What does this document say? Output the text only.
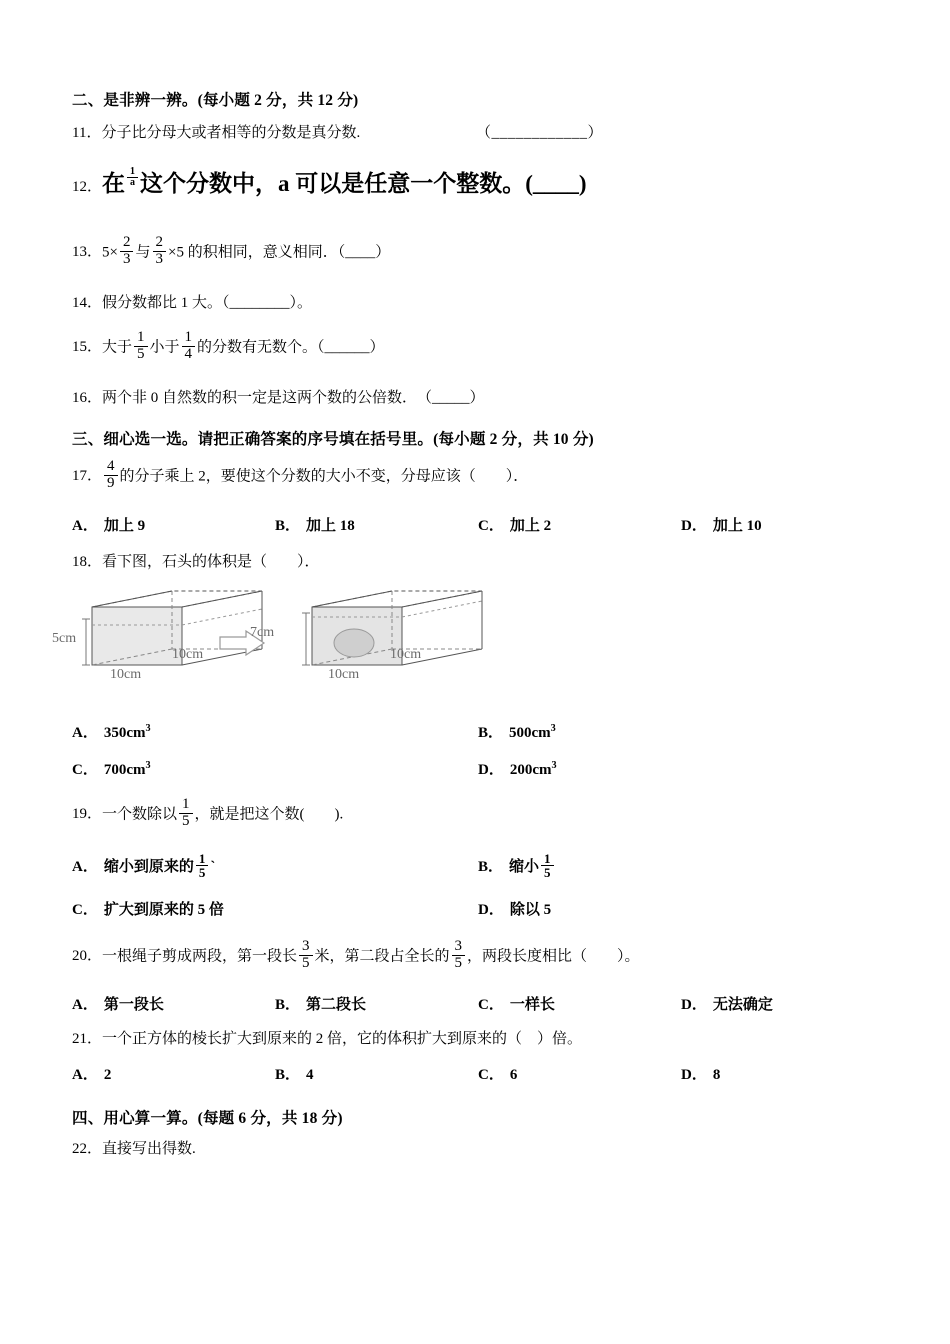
二、是非辨一辨。(每小题 2 分，共 12 分)
11．分子比分母大或者相等的分数是真分数.	（____________）
12．在 $\frac{1}{a}$ 这个分数中，a 可以是任意一个整数。(____)
13．$5\times \frac{2}{3}$ 与 $\frac{2}{3} \times 5$ 的积相同，意义相同．（____）
14．假分数都比 1 大。（________）。
15．大于 $\frac{1}{5}$ 小于 $\frac{1}{4}$ 的分数有无数个。（______）
16．两个非 0 自然数的积一定是这两个数的公倍数．　（_____）
三、细心选一选。请把正确答案的序号填在括号里。(每小题 2 分，共 10 分)
17． $\frac{4}{9}$ 的分子乘上 2，要使这个分数的大小不变，分母应该（　　）．
A． 加上 9	B． 加上 18	C． 加上 2	D． 加上 10
18．看下图，石头的体积是（　　）．
5cm
10cm
10cm
7cm
10cm
10cm
A． $350cm^3$	B． $500cm^3$
C． $700cm^3$	D． $200cm^3$
19．一个数除以 $\frac{1}{5}$ ，就是把这个数(　　).
A． 缩小到原来的 $\frac{1}{5}$ `	B． 缩小 $\frac{1}{5}$
C． 扩大到原来的 5 倍	D． 除以 5
20．一根绳子剪成两段，第一段长 $\frac{3}{5}$ 米，第二段占全长的 $\frac{3}{5}$ ，两段长度相比（　　）。
A． 第一段长	B． 第二段长	C． 一样长	D． 无法确定
21．一个正方体的棱长扩大到原来的 2 倍，它的体积扩大到原来的（　）倍。
A． 2	B． 4	C． 6	D． 8
四、用心算一算。(每题 6 分，共 18 分)
22．直接写出得数.
